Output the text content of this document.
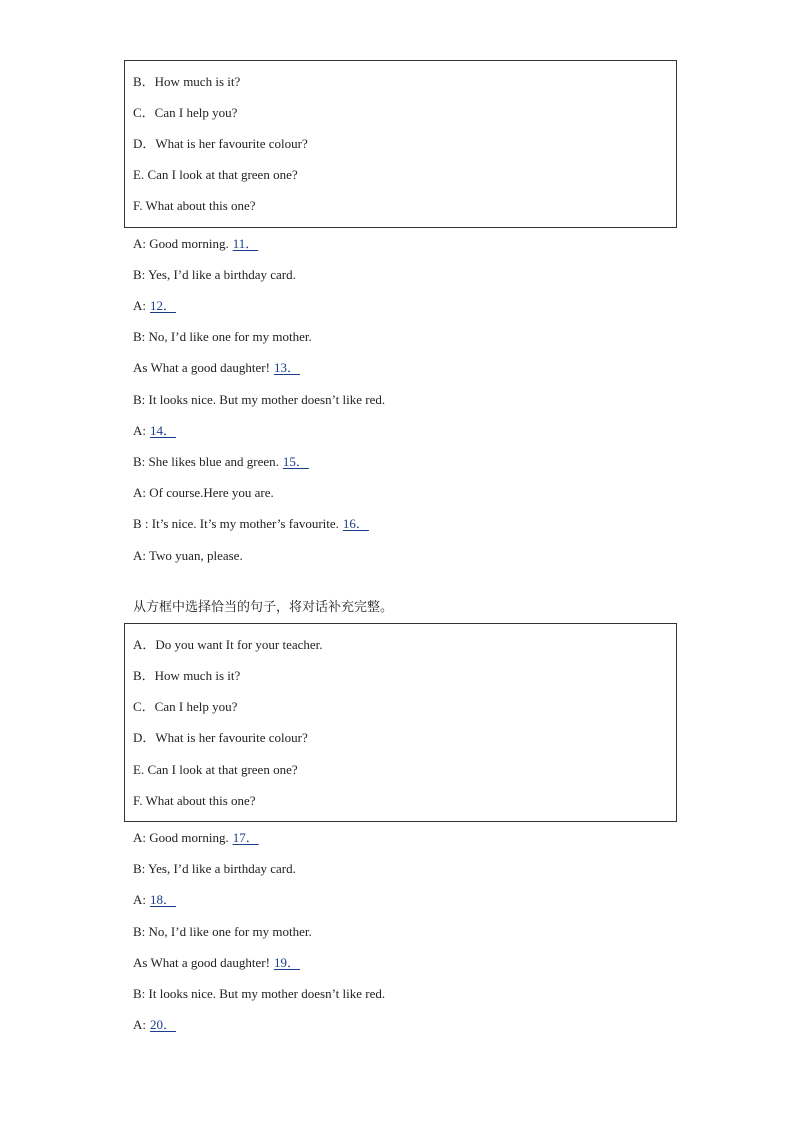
B．How much is it?
C．Can I help you?
D．What is her favourite colour?
E. Can I look at that green one?
F. What about this one?
A: Good morning. 11．
B: Yes, I’d like a birthday card.
A: 12．
B: No, I’d like one for my mother.
As What a good daughter! 13．
B: It looks nice. But my mother doesn’t like red.
A: 14．
B: She likes blue and green. 15．
A: Of course.Here you are.
B : It’s nice. It’s my mother’s favourite. 16．
A: Two yuan, please.
从方框中选择恰当的句子，将对话补充完整。
A．Do you want It for your teacher.
B．How much is it?
C．Can I help you?
D．What is her favourite colour?
E. Can I look at that green one?
F. What about this one?
A: Good morning. 17．
B: Yes, I’d like a birthday card.
A: 18．
B: No, I’d like one for my mother.
As What a good daughter! 19．
B: It looks nice. But my mother doesn’t like red.
A: 20．
